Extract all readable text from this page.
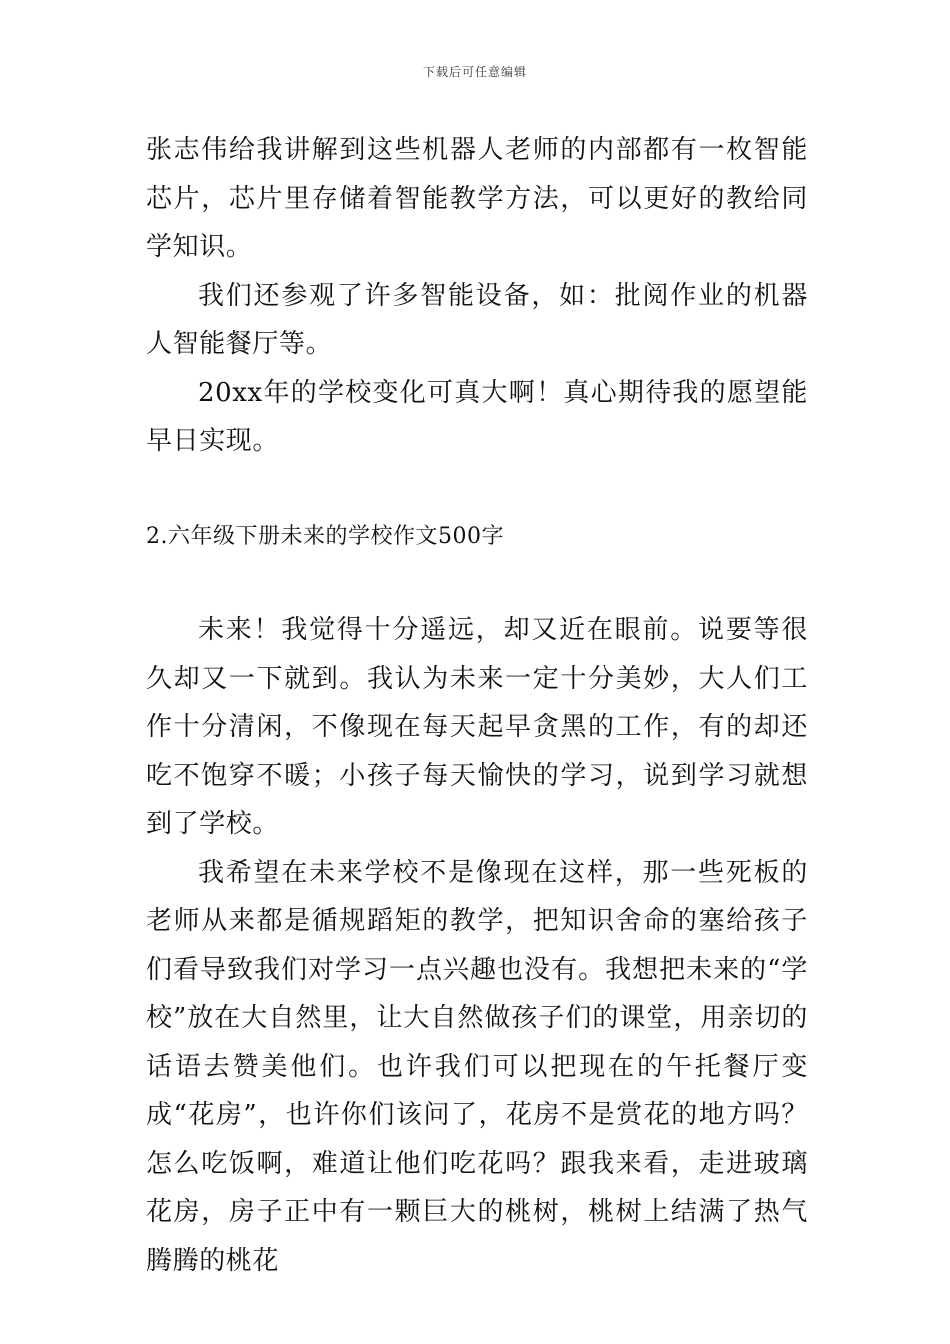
下载后可任意编辑

张志伟给我讲解到这些机器人老师的内部都有一枚智能芯片，芯片里存储着智能教学方法，可以更好的教给同学知识。

我们还参观了许多智能设备，如：批阅作业的机器人智能餐厅等。

20xx年的学校变化可真大啊！真心期待我的愿望能早日实现。

2.六年级下册未来的学校作文500字

未来！我觉得十分遥远，却又近在眼前。说要等很久却又一下就到。我认为未来一定十分美妙，大人们工作十分清闲，不像现在每天起早贪黑的工作，有的却还吃不饱穿不暖；小孩子每天愉快的学习，说到学习就想到了学校。

我希望在未来学校不是像现在这样，那一些死板的老师从来都是循规蹈矩的教学，把知识舍命的塞给孩子们看导致我们对学习一点兴趣也没有。我想把未来的“学校”放在大自然里，让大自然做孩子们的课堂，用亲切的话语去赞美他们。也许我们可以把现在的午托餐厅变成“花房”，也许你们该问了，花房不是赏花的地方吗？怎么吃饭啊，难道让他们吃花吗？跟我来看，走进玻璃花房，房子正中有一颗巨大的桃树，桃树上结满了热气腾腾的桃花
